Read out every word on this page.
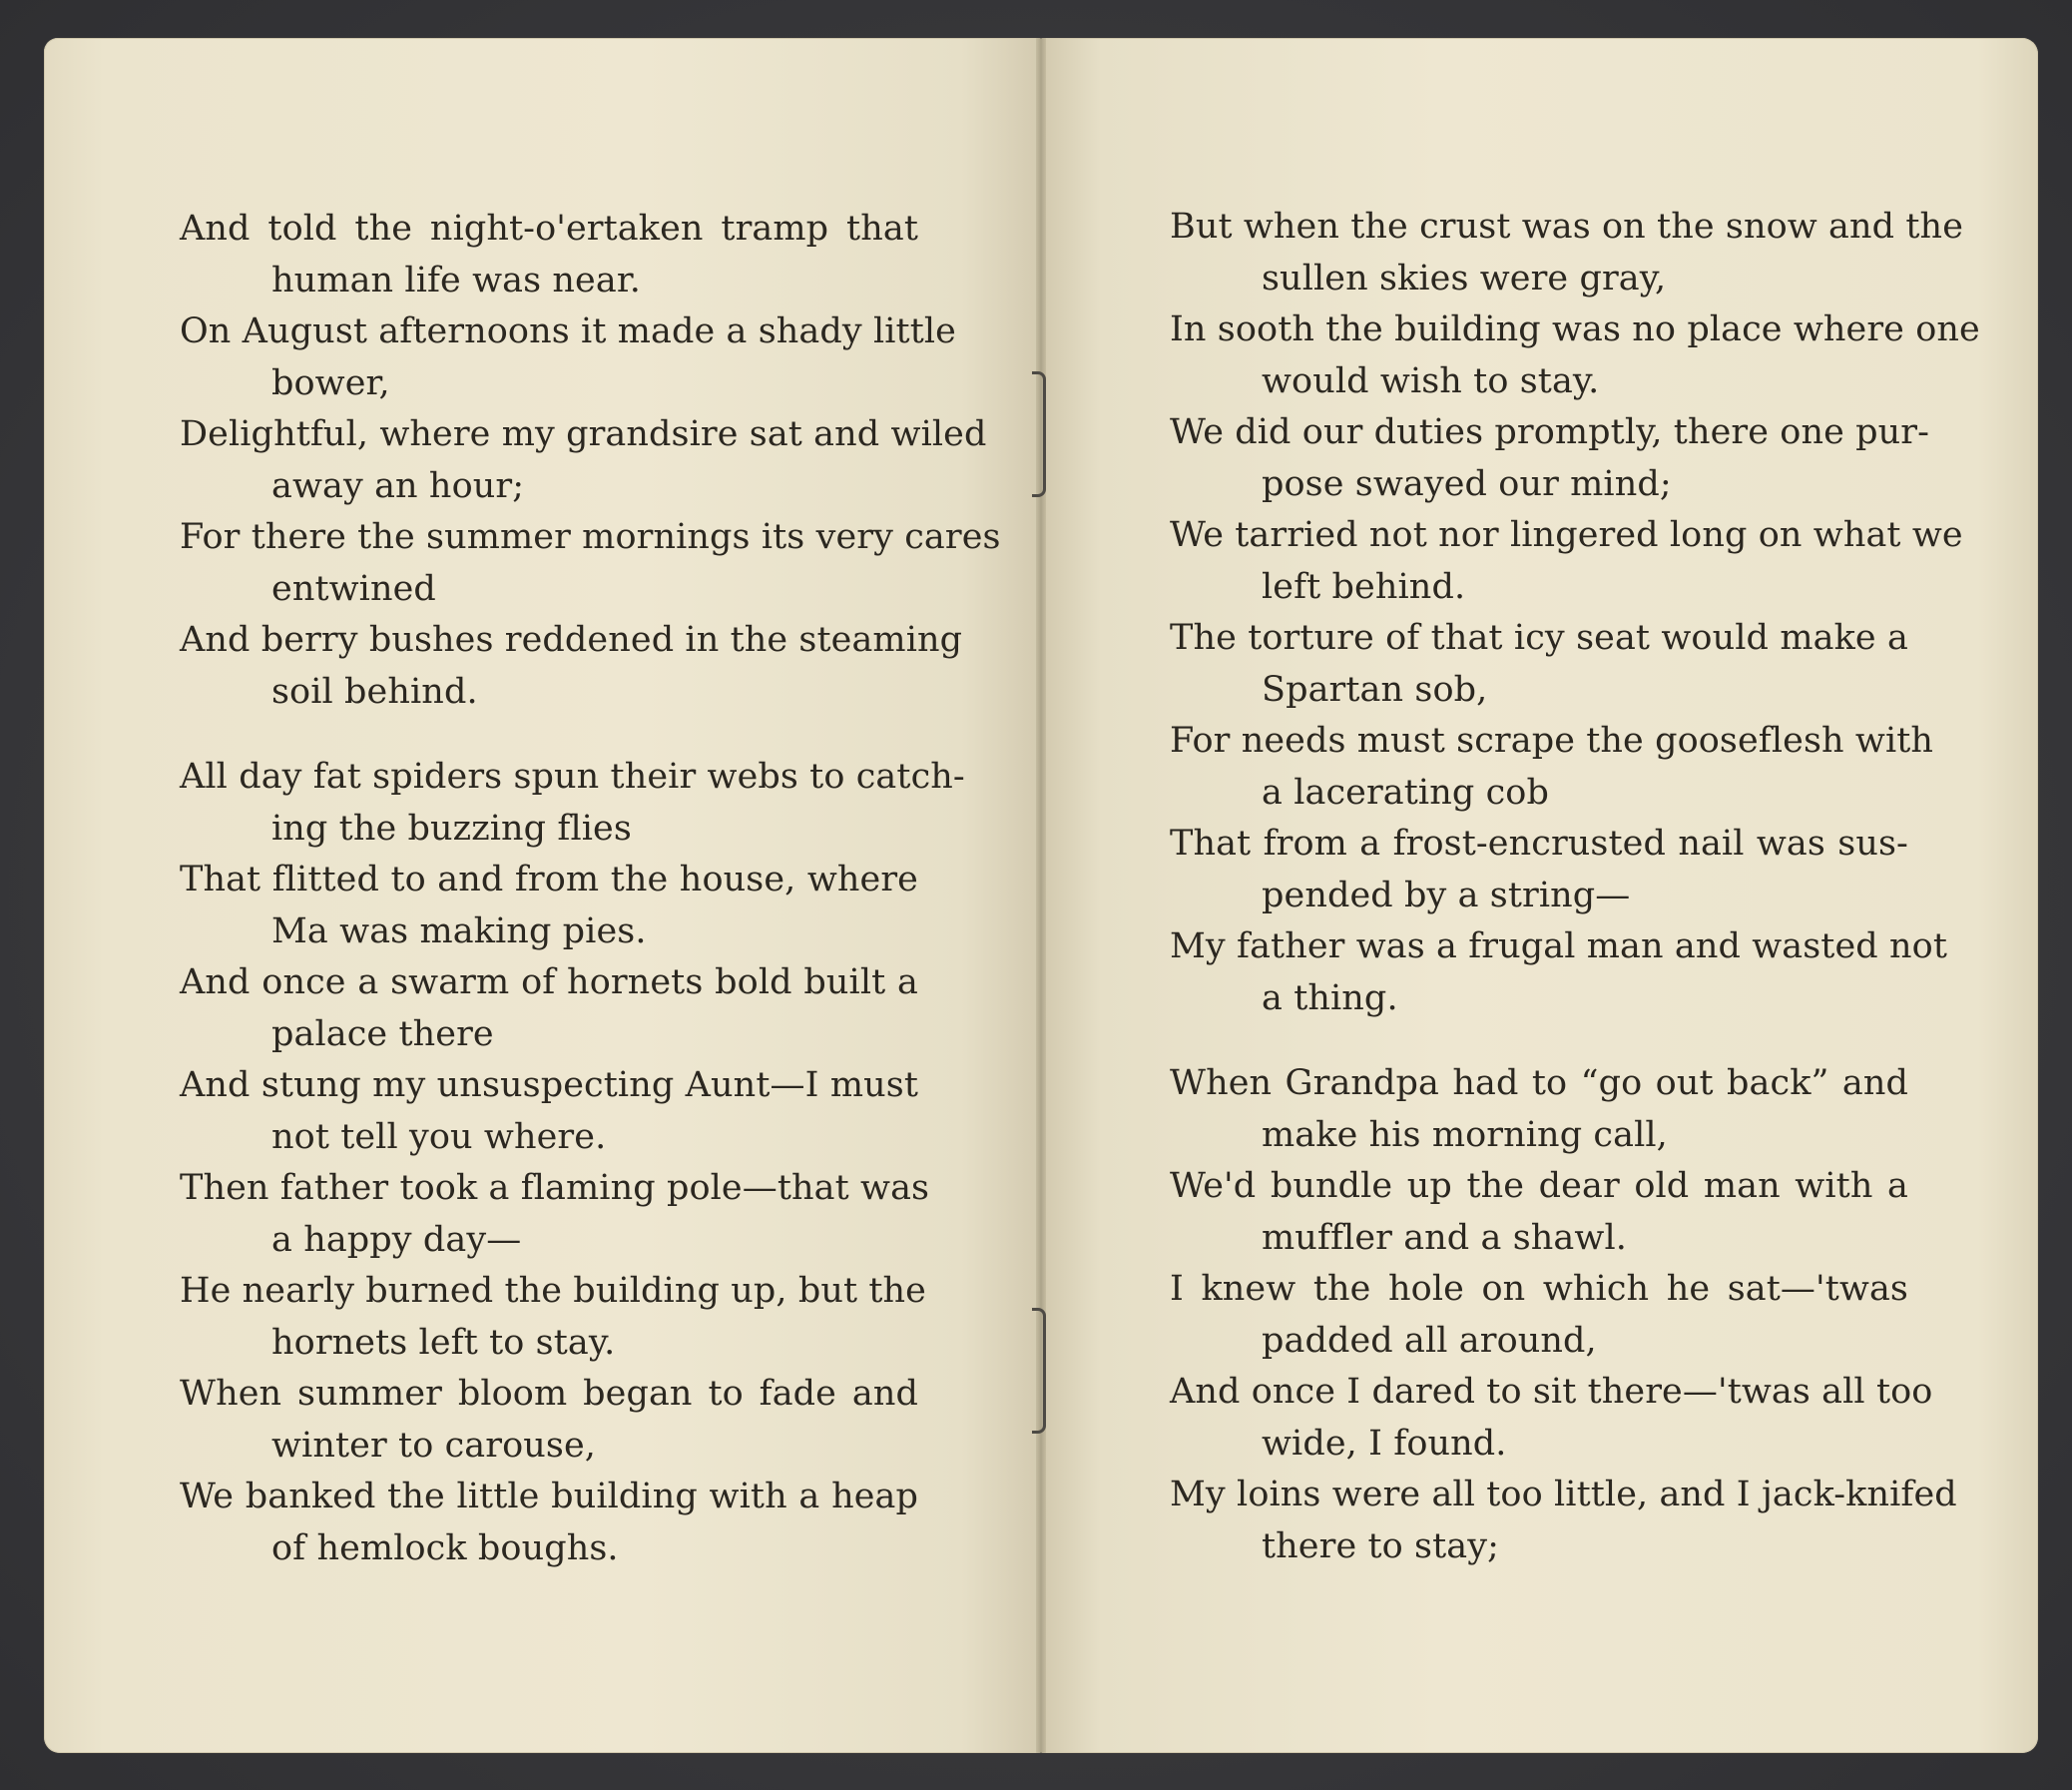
And told the night-o'ertaken tramp that
human life was near.
On August afternoons it made a shady little
bower,
Delightful, where my grandsire sat and wiled
away an hour;
For there the summer mornings its very cares
entwined
And berry bushes reddened in the steaming
soil behind.
All day fat spiders spun their webs to catch-
ing the buzzing flies
That flitted to and from the house, where
Ma was making pies.
And once a swarm of hornets bold built a
palace there
And stung my unsuspecting Aunt—I must
not tell you where.
Then father took a flaming pole—that was
a happy day—
He nearly burned the building up, but the
hornets left to stay.
When summer bloom began to fade and
winter to carouse,
We banked the little building with a heap
of hemlock boughs.
But when the crust was on the snow and the
sullen skies were gray,
In sooth the building was no place where one
would wish to stay.
We did our duties promptly, there one pur-
pose swayed our mind;
We tarried not nor lingered long on what we
left behind.
The torture of that icy seat would make a
Spartan sob,
For needs must scrape the gooseflesh with
a lacerating cob
That from a frost-encrusted nail was sus-
pended by a string—
My father was a frugal man and wasted not
a thing.
When Grandpa had to “go out back” and
make his morning call,
We'd bundle up the dear old man with a
muffler and a shawl.
I knew the hole on which he sat—'twas
padded all around,
And once I dared to sit there—'twas all too
wide, I found.
My loins were all too little, and I jack-knifed
there to stay;
